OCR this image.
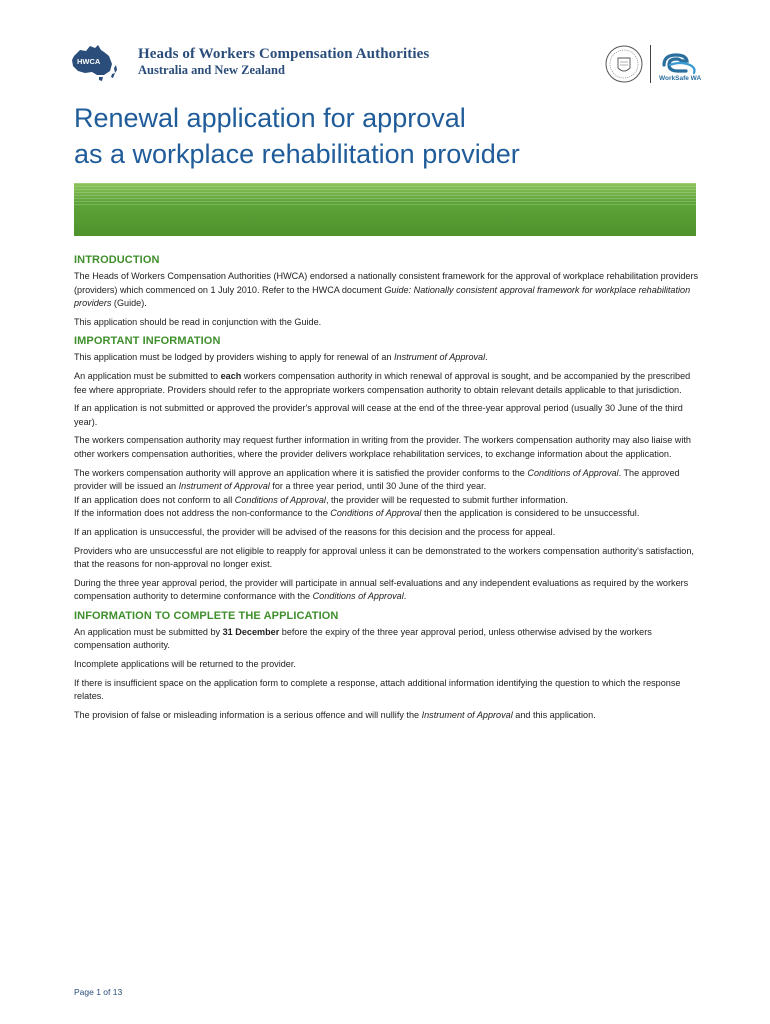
HWCA	Heads of Workers Compensation Authorities
Australia and New Zealand
WorkSafe WA
Renewal application for approval
as a workplace rehabilitation provider
INTRODUCTION

The Heads of Workers Compensation Authorities (HWCA) endorsed a nationally consistent framework for the approval of workplace rehabilitation providers (providers) which commenced on 1 July 2010. Refer to the HWCA document Guide: Nationally consistent approval framework for workplace rehabilitation providers (Guide).

This application should be read in conjunction with the Guide.

IMPORTANT INFORMATION

This application must be lodged by providers wishing to apply for renewal of an Instrument of Approval.

An application must be submitted to each workers compensation authority in which renewal of approval is sought, and be accompanied by the prescribed fee where appropriate. Providers should refer to the appropriate workers compensation authority to obtain relevant details applicable to that jurisdiction.

If an application is not submitted or approved the provider's approval will cease at the end of the three-year approval period (usually 30 June of the third year).

The workers compensation authority may request further information in writing from the provider. The workers compensation authority may also liaise with other workers compensation authorities, where the provider delivers workplace rehabilitation services, to exchange information about the application.

The workers compensation authority will approve an application where it is satisfied the provider conforms to the Conditions of Approval. The approved provider will be issued an Instrument of Approval for a three year period, until 30 June of the third year.
If an application does not conform to all Conditions of Approval, the provider will be requested to submit further information.
If the information does not address the non-conformance to the Conditions of Approval then the application is considered to be unsuccessful.

If an application is unsuccessful, the provider will be advised of the reasons for this decision and the process for appeal.

Providers who are unsuccessful are not eligible to reapply for approval unless it can be demonstrated to the workers compensation authority's satisfaction, that the reasons for non-approval no longer exist.

During the three year approval period, the provider will participate in annual self-evaluations and any independent evaluations as required by the workers compensation authority to determine conformance with the Conditions of Approval.

INFORMATION TO COMPLETE THE APPLICATION

An application must be submitted by 31 December before the expiry of the three year approval period, unless otherwise advised by the workers compensation authority.

Incomplete applications will be returned to the provider.

If there is insufficient space on the application form to complete a response, attach additional information identifying the question to which the response relates.

The provision of false or misleading information is a serious offence and will nullify the Instrument of Approval and this application.

Page 1 of 13
